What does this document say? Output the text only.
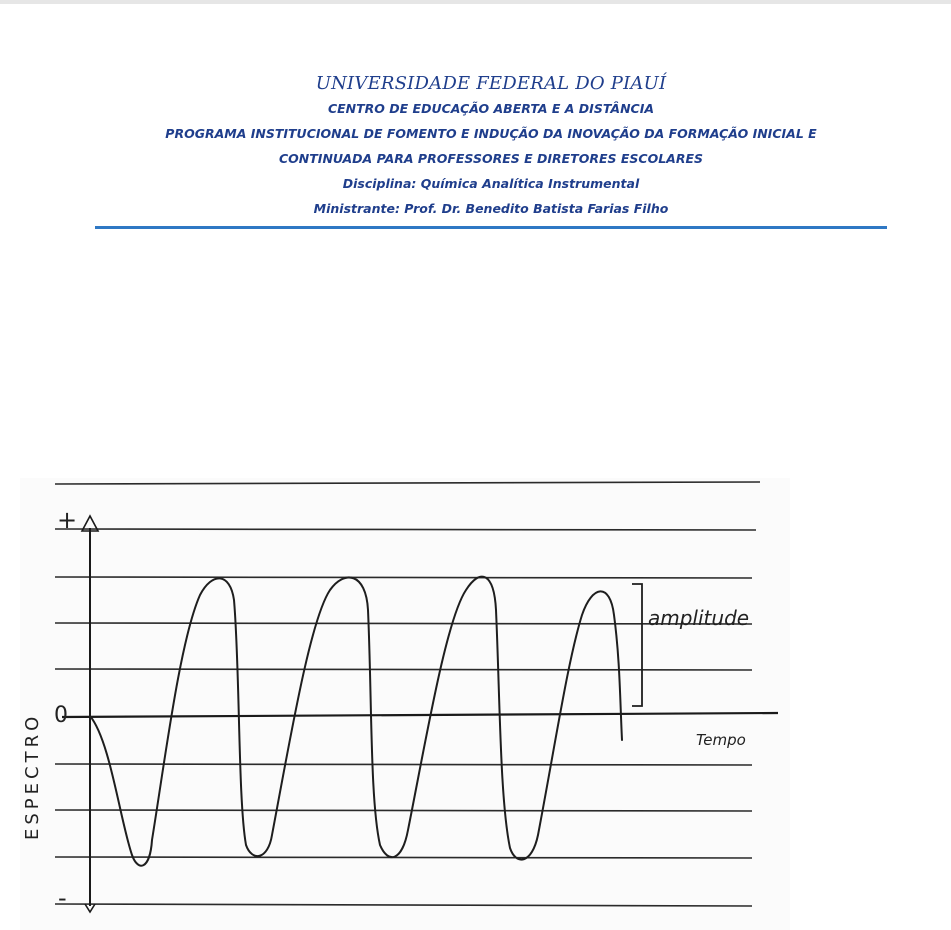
UNIVERSIDADE FEDERAL DO PIAUÍ
CENTRO DE EDUCAÇÃO ABERTA E A DISTÂNCIA
PROGRAMA INSTITUCIONAL DE FOMENTO E INDUÇÃO DA INOVAÇÃO DA FORMAÇÃO INICIAL E
CONTINUADA PARA PROFESSORES E DIRETORES ESCOLARES
Disciplina: Química Analítica Instrumental
Ministrante: Prof. Dr. Benedito Batista Farias Filho
+
0
-
ESPECTRO	Tempo
amplitude
